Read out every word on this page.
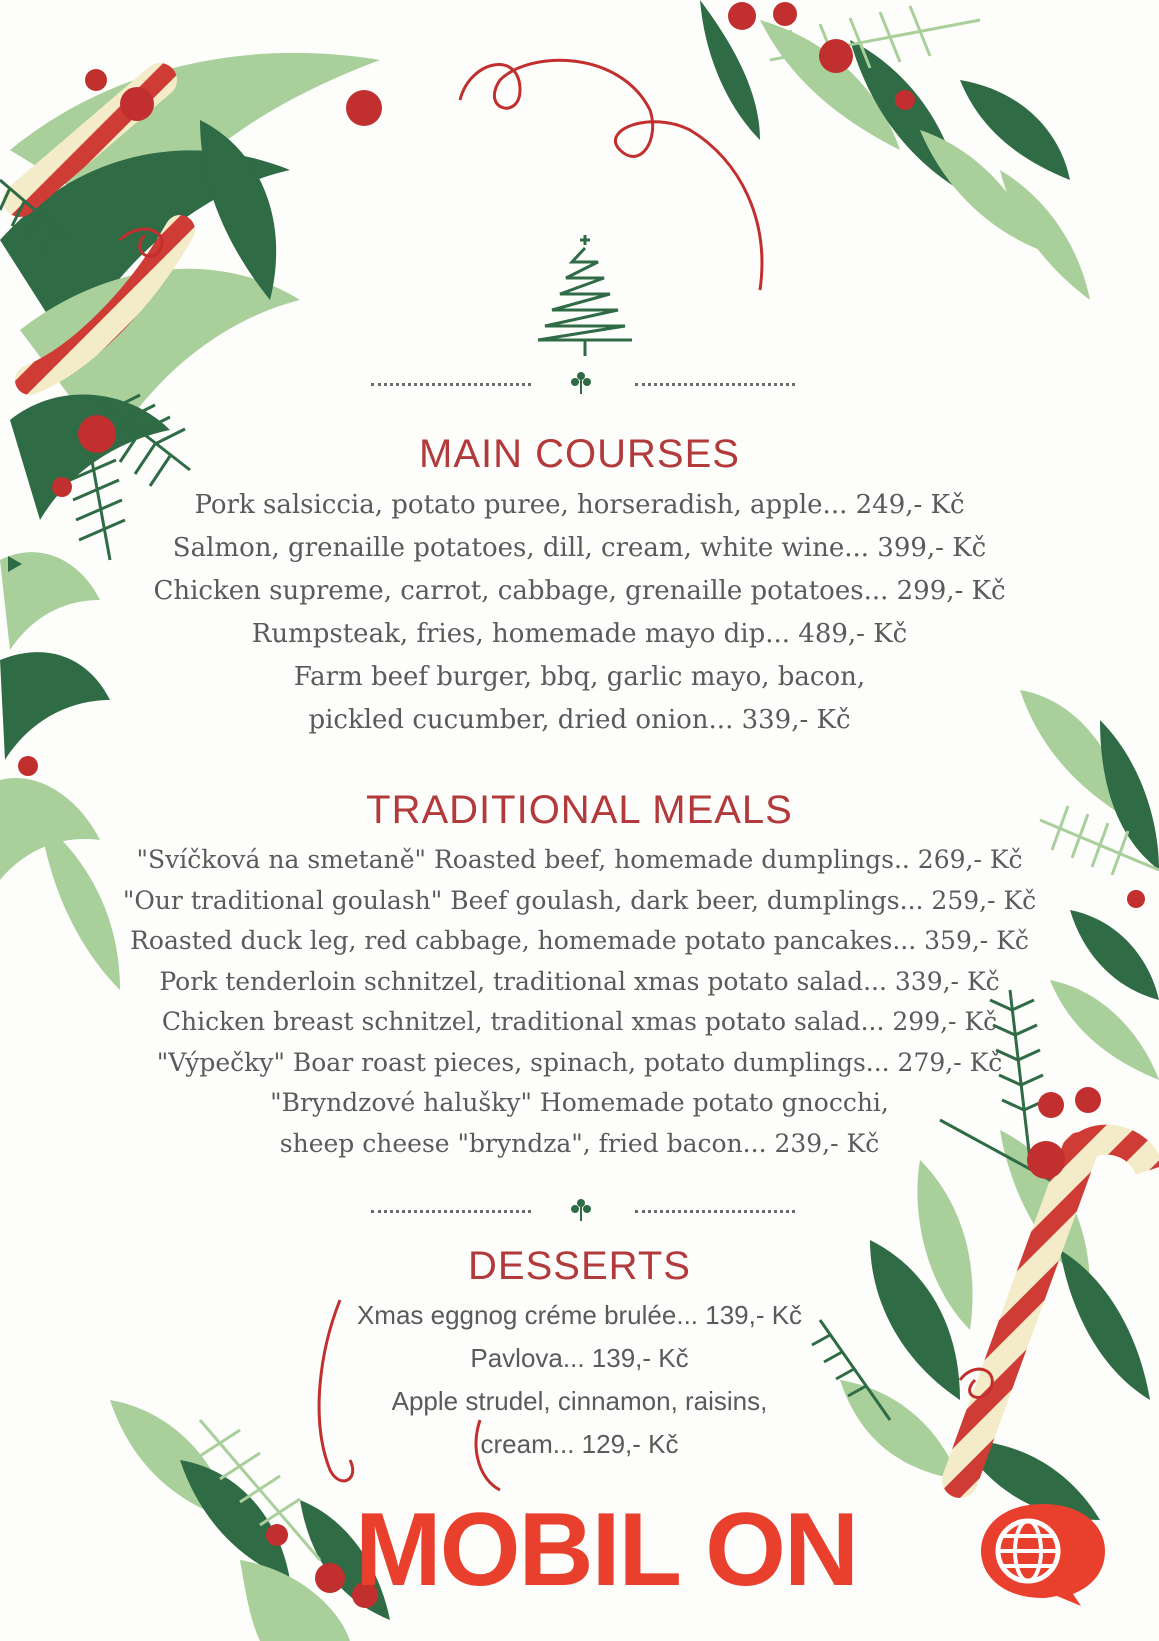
MAIN COURSES
Pork salsiccia, potato puree, horseradish, apple... 249,- Kč
Salmon, grenaille potatoes, dill, cream, white wine... 399,- Kč
Chicken supreme, carrot, cabbage, grenaille potatoes... 299,- Kč
Rumpsteak, fries, homemade mayo dip... 489,- Kč
Farm beef burger, bbq, garlic mayo, bacon,
pickled cucumber, dried onion... 339,- Kč
TRADITIONAL MEALS
"Svíčková na smetaně" Roasted beef, homemade dumplings.. 269,- Kč
"Our traditional goulash" Beef goulash, dark beer, dumplings... 259,- Kč
Roasted duck leg, red cabbage, homemade potato pancakes... 359,- Kč
Pork tenderloin schnitzel, traditional xmas potato salad... 339,- Kč
Chicken breast schnitzel, traditional xmas potato salad... 299,- Kč
"Výpečky" Boar roast pieces, spinach, potato dumplings... 279,- Kč
"Bryndzové halušky" Homemade potato gnocchi,
sheep cheese "bryndza", fried bacon... 239,- Kč
DESSERTS
Xmas eggnog créme brulée... 139,- Kč
Pavlova... 139,- Kč
Apple strudel, cinnamon, raisins,
cream... 129,- Kč
MOBIL ON
